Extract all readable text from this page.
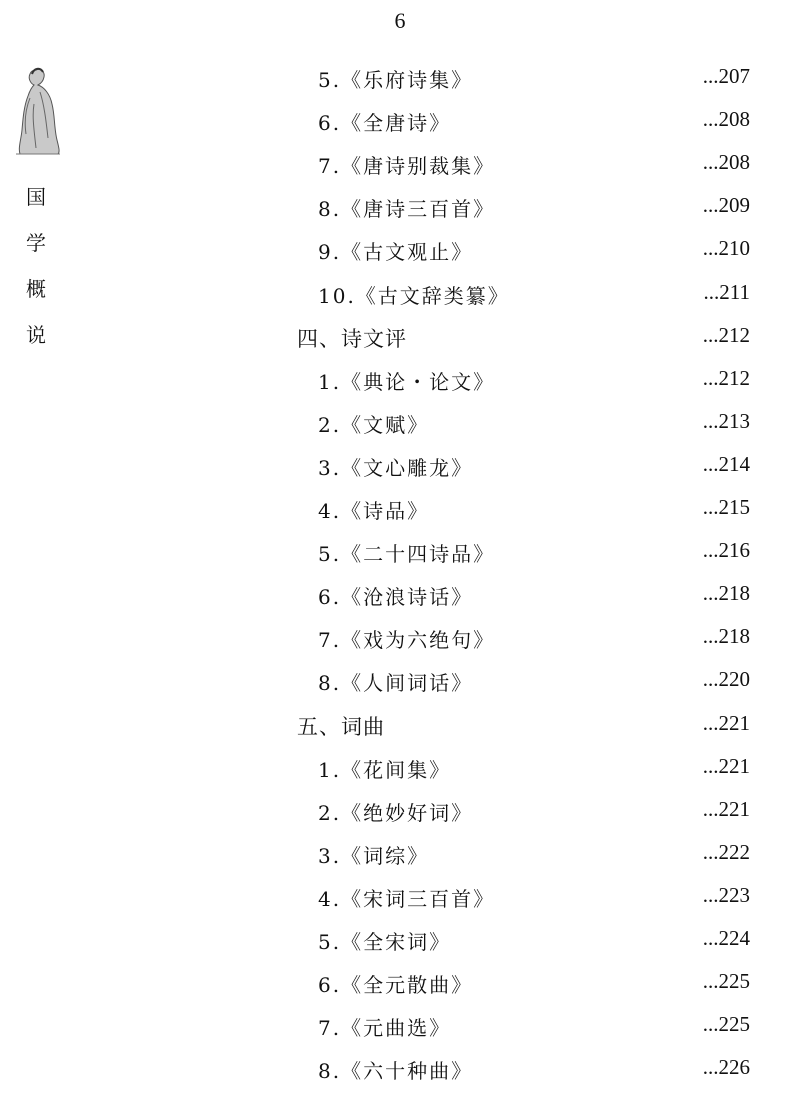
6
国
学
概
说
5.《乐府诗集》	...207
6.《全唐诗》	...208
7.《唐诗别裁集》	...208
8.《唐诗三百首》	...209
9.《古文观止》	...210
10.《古文辞类纂》	...211
四、诗文评	...212
1.《典论・论文》	...212
2.《文赋》	...213
3.《文心雕龙》	...214
4.《诗品》	...215
5.《二十四诗品》	...216
6.《沧浪诗话》	...218
7.《戏为六绝句》	...218
8.《人间词话》	...220
五、词曲	...221
1.《花间集》	...221
2.《绝妙好词》	...221
3.《词综》	...222
4.《宋词三百首》	...223
5.《全宋词》	...224
6.《全元散曲》	...225
7.《元曲选》	...225
8.《六十种曲》	...226
